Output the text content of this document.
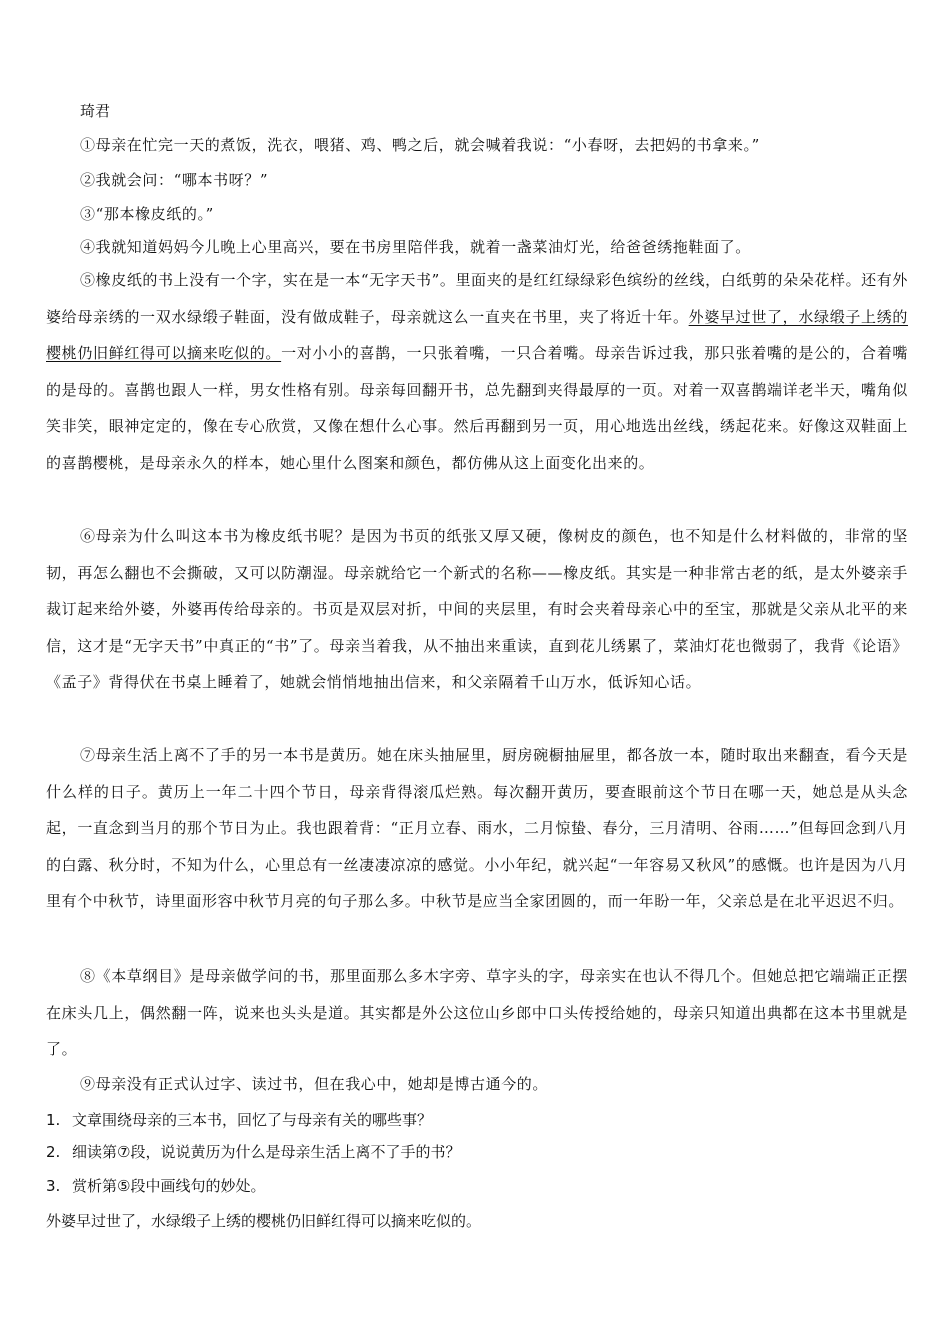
琦君
①母亲在忙完一天的煮饭，洗衣，喂猪、鸡、鸭之后，就会喊着我说：“小春呀，去把妈的书拿来。”
②我就会问：“哪本书呀？”
③“那本橡皮纸的。”
④我就知道妈妈今儿晚上心里高兴，要在书房里陪伴我，就着一盏菜油灯光，给爸爸绣拖鞋面了。
⑤橡皮纸的书上没有一个字，实在是一本“无字天书”。里面夹的是红红绿绿彩色缤纷的丝线，白纸剪的朵朵花样。还有外婆给母亲绣的一双水绿缎子鞋面，没有做成鞋子，母亲就这么一直夹在书里，夹了将近十年。外婆早过世了，水绿缎子上绣的樱桃仍旧鲜红得可以摘来吃似的。一对小小的喜鹊，一只张着嘴，一只合着嘴。母亲告诉过我，那只张着嘴的是公的，合着嘴的是母的。喜鹊也跟人一样，男女性格有别。母亲每回翻开书，总先翻到夹得最厚的一页。对着一双喜鹊端详老半天，嘴角似笑非笑，眼神定定的，像在专心欣赏，又像在想什么心事。然后再翻到另一页，用心地选出丝线，绣起花来。好像这双鞋面上的喜鹊樱桃，是母亲永久的样本，她心里什么图案和颜色，都仿佛从这上面变化出来的。
⑥母亲为什么叫这本书为橡皮纸书呢？是因为书页的纸张又厚又硬，像树皮的颜色，也不知是什么材料做的，非常的坚韧，再怎么翻也不会撕破，又可以防潮湿。母亲就给它一个新式的名称——橡皮纸。其实是一种非常古老的纸，是太外婆亲手裁订起来给外婆，外婆再传给母亲的。书页是双层对折，中间的夹层里，有时会夹着母亲心中的至宝，那就是父亲从北平的来信，这才是“无字天书”中真正的“书”了。母亲当着我，从不抽出来重读，直到花儿绣累了，菜油灯花也微弱了，我背《论语》《孟子》背得伏在书桌上睡着了，她就会悄悄地抽出信来，和父亲隔着千山万水，低诉知心话。
⑦母亲生活上离不了手的另一本书是黄历。她在床头抽屉里，厨房碗橱抽屉里，都各放一本，随时取出来翻查，看今天是什么样的日子。黄历上一年二十四个节日，母亲背得滚瓜烂熟。每次翻开黄历，要查眼前这个节日在哪一天，她总是从头念起，一直念到当月的那个节日为止。我也跟着背：“正月立春、雨水，二月惊蛰、春分，三月清明、谷雨……”但每回念到八月的白露、秋分时，不知为什么，心里总有一丝凄凄凉凉的感觉。小小年纪，就兴起“一年容易又秋风”的感慨。也许是因为八月里有个中秋节，诗里面形容中秋节月亮的句子那么多。中秋节是应当全家团圆的，而一年盼一年，父亲总是在北平迟迟不归。
⑧《本草纲目》是母亲做学问的书，那里面那么多木字旁、草字头的字，母亲实在也认不得几个。但她总把它端端正正摆在床头几上，偶然翻一阵，说来也头头是道。其实都是外公这位山乡郎中口头传授给她的，母亲只知道出典都在这本书里就是了。
⑨母亲没有正式认过字、读过书，但在我心中，她却是博古通今的。
1. 文章围绕母亲的三本书，回忆了与母亲有关的哪些事？
2. 细读第⑦段，说说黄历为什么是母亲生活上离不了手的书？
3. 赏析第⑤段中画线句的妙处。
外婆早过世了，水绿缎子上绣的樱桃仍旧鲜红得可以摘来吃似的。
